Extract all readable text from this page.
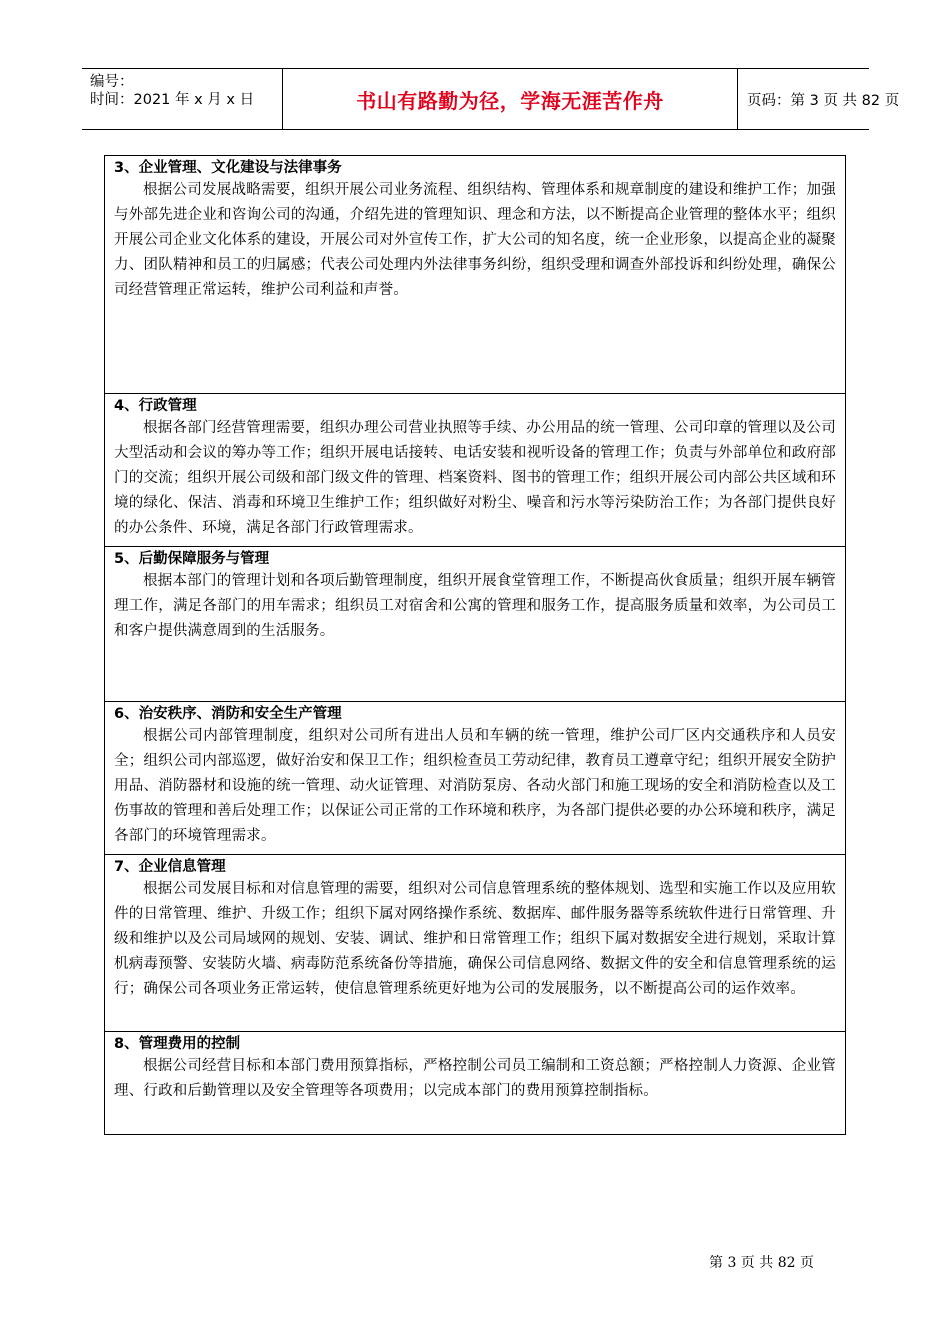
编号：
时间：2021 年 x 月 x 日	书山有路勤为径，学海无涯苦作舟	页码：第 3 页 共 82 页
3、企业管理、文化建设与法律事务
根据公司发展战略需要，组织开展公司业务流程、组织结构、管理体系和规章制度的建设和维护工作；加强与外部先进企业和咨询公司的沟通，介绍先进的管理知识、理念和方法，以不断提高企业管理的整体水平；组织开展公司企业文化体系的建设，开展公司对外宣传工作，扩大公司的知名度，统一企业形象，以提高企业的凝聚力、团队精神和员工的归属感；代表公司处理内外法律事务纠纷，组织受理和调查外部投诉和纠纷处理，确保公司经营管理正常运转，维护公司利益和声誉。
4、行政管理
根据各部门经营管理需要，组织办理公司营业执照等手续、办公用品的统一管理、公司印章的管理以及公司大型活动和会议的筹办等工作；组织开展电话接转、电话安装和视听设备的管理工作；负责与外部单位和政府部门的交流；组织开展公司级和部门级文件的管理、档案资料、图书的管理工作；组织开展公司内部公共区域和环境的绿化、保洁、消毒和环境卫生维护工作；组织做好对粉尘、噪音和污水等污染防治工作；为各部门提供良好的办公条件、环境，满足各部门行政管理需求。
5、后勤保障服务与管理
根据本部门的管理计划和各项后勤管理制度，组织开展食堂管理工作，不断提高伙食质量；组织开展车辆管理工作，满足各部门的用车需求；组织员工对宿舍和公寓的管理和服务工作，提高服务质量和效率，为公司员工和客户提供满意周到的生活服务。
6、治安秩序、消防和安全生产管理
根据公司内部管理制度，组织对公司所有进出人员和车辆的统一管理，维护公司厂区内交通秩序和人员安全；组织公司内部巡逻，做好治安和保卫工作；组织检查员工劳动纪律，教育员工遵章守纪；组织开展安全防护用品、消防器材和设施的统一管理、动火证管理、对消防泵房、各动火部门和施工现场的安全和消防检查以及工伤事故的管理和善后处理工作；以保证公司正常的工作环境和秩序，为各部门提供必要的办公环境和秩序，满足各部门的环境管理需求。
7、企业信息管理
根据公司发展目标和对信息管理的需要，组织对公司信息管理系统的整体规划、选型和实施工作以及应用软件的日常管理、维护、升级工作；组织下属对网络操作系统、数据库、邮件服务器等系统软件进行日常管理、升级和维护以及公司局域网的规划、安装、调试、维护和日常管理工作；组织下属对数据安全进行规划，采取计算机病毒预警、安装防火墙、病毒防范系统备份等措施，确保公司信息网络、数据文件的安全和信息管理系统的运行；确保公司各项业务正常运转，使信息管理系统更好地为公司的发展服务，以不断提高公司的运作效率。
8、管理费用的控制
根据公司经营目标和本部门费用预算指标，严格控制公司员工编制和工资总额；严格控制人力资源、企业管理、行政和后勤管理以及安全管理等各项费用；以完成本部门的费用预算控制指标。
第 3 页 共 82 页
